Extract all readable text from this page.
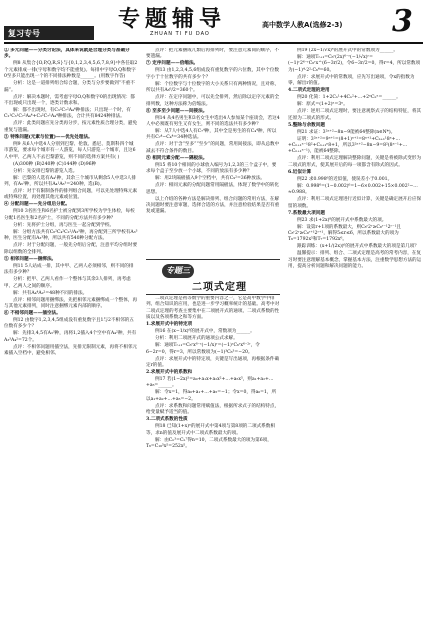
复习专号
专题辅导
ZHUAN TI FU DAO
高中数学人教A(选修2-3) 3

② 多元问题——分类讨论法，具体来说就是合理分类与准确分步。

例8 从集合{O,P,Q,R,S}与{0,1,2,3,4,5,6,7,8,9}中各任取2个元素排成一排(字母和数字均不能重复)。每排中字母O,Q和数字0至多只能出现一个的不同排法种数是______。(用数字作答)

分析：这是一道排列组合综合题，分类与分步要做到“不重不漏”。

点评：解决本题时，需考虑字母O,Q和数字0的出现情况：都不出现或只出现一个，逐类计数求和。

解：都不出现时，有C₃²C₇²A₄⁴种排法；只出现一个时，有C₂¹C₃¹C₇²A₄⁴+C₃²C₇¹A₄⁴种排法，合计共有8424种排法。

点评：此类问题应先分类再分步，按元素性质合理分类，避免重复与遗漏。

③ 特殊问题(元素与位置)——优先处理法。

例9 从6人中选4人分别到巴黎、伦敦、悉尼、莫斯科四个城市游览，要求每个城市有一人游览，每人只游览一个城市，且这6人中甲、乙两人不去巴黎游览，则不同的选择方案共有( )

(A)300种 (B)240种 (C)144种 (D)96种

分析：先安排巴黎的游览人选。

解：巴黎的人选有A₄¹种，其余三个城市从剩余5人中选3人排列，有A₅³种，所以共有A₄¹A₅³=240种，选(B)。

点评：对于有限制条件的排列组合问题，可以先处理特殊元素或特殊位置，再处理其他元素或位置。

④ 分配问题——先分组后分配。

例10 3名医生和6名护士被分配到3所学校为学生体检，每校分配1名医生和2名护士，不同的分配方法共有多少种？

分析：先将护士分组，再与医生一起分配到学校。

解：分组方法共有C₆²C₄²C₂²/A₃³种，再分配到三所学校有A₃³种，医生分配有A₃³种，所以共有540种分配方法。

点评：对于分配问题，一般先分组后分配，注意平均分组时要除以组数的全排列。

⑤ 相邻问题——捆绑法。

例11 5人站成一排，其中甲、乙两人必须相邻，则不同的排法有多少种？

分析：把甲、乙两人看作一个整体与其余3人排列，再考虑甲、乙两人之间的顺序。

解：共有A₄⁴A₂²=48种不同的排法。

点评：相邻问题用捆绑法，先把相邻元素捆绑成一个整体，再与其他元素排列，同时注意捆绑元素内部的顺序。

⑥ 不相邻问题——插空法。

例12 由数字1,2,3,4,5组成没有重复数字且1与2不相邻的五位数有多少个？

解：先排3,4,5有A₃³种，再将1,2插入4个空中有A₄²种，共有A₃³A₄²=72个。

点评：不相邻问题用插空法，先排无限制元素，再将不相邻元素插入空档中，避免相邻。

点评：把元素捆成几類后再排列时，要注意元素间的顺序，不要遗漏。

⑦ 定序问题——倍缩法。

例13 由1,2,3,4,5,6组成没有重复数字的六位数，其中个位数字小于十位数字的共有多少个？

解：个位数字与十位数字的大小关系只有两种情况，且对称，所以共有A₆⁶/2=360个。

点评：在定序问题中，可以先全排列，然后除以定序元素的全排列数，这种方法称为倍缩法。

⑧ 至多至少问题——间接法。

例14 从4名男生和3名女生中选出4人参加某个座谈会，若这4人中必须既有男生又有女生，则不同的选法共有多少种？

解：从7人中选4人有C₇⁴种，其中全是男生的有C₄⁴种，所以共有C₇⁴−C₄⁴=34种选法。

点评：对于含“至多”“至少”的问题，常用间接法，即从总数中减去不符合条件的数目。

⑨ 相同元素分配——隔板法。

例15 将10个相同的小球放入编号为1,2,3的三个盒子中，要求每个盒子至少放一个小球，不同的放法有多少种？

解：用2块隔板插入9个空档中，共有C₉²=36种放法。

点评：相同元素的分配问题常用隔板法，体现了数学中的转化思想。

以上介绍的各种方法是解决排列、组合问题的常用方法，在解决问题时要注意审题，选择合适的方法，并注意检验结果是否有重复或遗漏。

专题三
二项式定理

二项式定理是初等数学的重要内容之一，它是高中数学中排列、组合知识的应用，也是进一步学习概率统计的基础。高考中对二项式定理的考查主要集中在二项展开式的通项、二项式系数的性质以及各项系数之和等方面。

1.求展开式中的特定项

例16 在(x−1/x)⁶的展开式中，常数项为______。

分析：利用二项展开式的通项公式求解。

解：通项Tᵣ₊₁=C₆ʳx⁶⁻ʳ(−1/x)ʳ=(−1)ʳC₆ʳx⁶⁻²ʳ，令6−2r=0，得r=3，所以常数项为(−1)³C₆³=−20。

点评：求展开式中的特定项，关键是写出通项，再根据条件确定r的值。

2.求展开式中的系数和

例17 若(1−2x)⁵=a₀+a₁x+a₂x²+…+a₅x⁵，则a₁+a₂+…+a₅=______。

解：令x=1，得a₀+a₁+…+a₅=−1；令x=0，得a₀=1，所以a₁+a₂+…+a₅=−2。

点评：求系数和问题常用赋值法，根据所求式子的结构特点，给变量赋予适当的值。

3.二项式系数的性质

例18 已知(1+x)ⁿ的展开式中第4项与第8项的二项式系数相等，求n的值及展开式中二项式系数最大的项。

解：由Cₙ³=Cₙ⁷得n=10，二项式系数最大的项为第6项，T₆=C₁₀⁵x⁵=252x⁵。

例19 (2x−1/√x)⁶的展开式中的常数项为______。

解：通项Tᵣ₊₁=C₆ʳ(2x)⁶⁻ʳ(−1/√x)ʳ=(−1)ʳ2⁶⁻ʳC₆ʳx^(6−3r/2)，令6−3r/2=0，得r=4，所以常数项为(−1)⁴·2²·C₆⁴=60。

点评：求展开式中的常数项，应先写出通项，令x的指数为零，解出r的值。

4.二项式定理的逆用

例20 化简：1+2Cₙ¹+4Cₙ²+…+2ⁿCₙⁿ=______。

解：原式=(1+2)ⁿ=3ⁿ。

点评：逆用二项式定理时，要注意观察式子的结构特征，将其还原为二项式的形式。

5.整除与余数问题

例21 求证：3²ⁿ⁺²−8n−9能被64整除(n∈N*)。

证明：3²ⁿ⁺²=9ⁿ⁺¹=(8+1)ⁿ⁺¹=8ⁿ⁺¹+Cₙ₊₁¹8ⁿ+…+Cₙ₊₁ⁿ⁻¹8²+Cₙ₊₁ⁿ8+1，所以3²ⁿ⁺²−8n−9=8²(8ⁿ⁻¹+…+Cₙ₊₁ⁿ⁻¹)，能被64整除。

点评：利用二项式定理解决整除问题，关键是将被除式变形为二项式的形式，使其展开后的每一项都含有除式的因式。

6.近似计算

例22 求0.998⁶的近似值，使误差小于0.001。

解：0.998⁶=(1−0.002)⁶=1−6×0.002+15×0.002²−…≈0.988。

点评：利用二项式定理进行近似计算，关键是确定展开后应保留的项数。

7.系数最大项问题

例23 求(1+2x)⁸的展开式中系数最大的项。

解：设第r+1项的系数最大，则C₈ʳ2ʳ≥C₈ʳ⁻¹2ʳ⁻¹且C₈ʳ2ʳ≥C₈ʳ⁺¹2ʳ⁺¹，解得5≤r≤6，所以系数最大的项为T₆=1792x⁵和T₇=1792x⁶。

跟踪训练：(x+1/(2x))⁶的展开式中系数最大的项是第几项？

温馨提示：排列、组合、二项式定理是高考的常考内容，在复习时要注意理解基本概念，掌握基本方法，注重数学思想方法的运用，提高分析问题和解决问题的能力。
